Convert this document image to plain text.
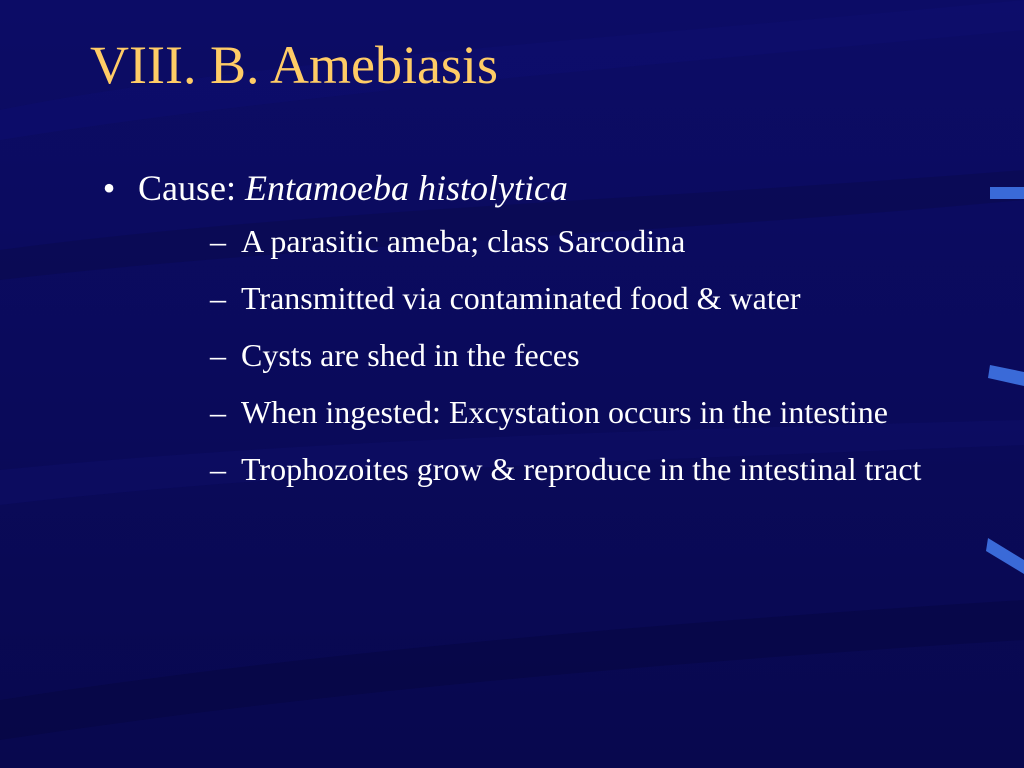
VIII. B. Amebiasis
• Cause: Entamoeba histolytica
– A parasitic ameba; class Sarcodina
– Transmitted via contaminated food & water
– Cysts are shed in the feces
– When ingested: Excystation occurs in the intestine
– Trophozoites grow & reproduce in the intestinal tract
